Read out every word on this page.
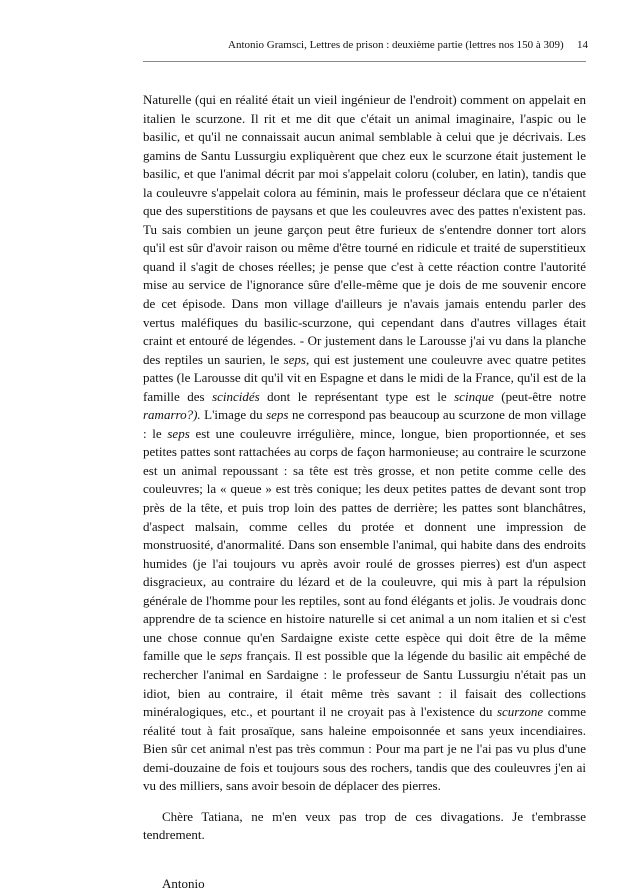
Antonio Gramsci, Lettres de prison : deuxième partie (lettres nos 150 à 309) 14

Naturelle (qui en réalité était un vieil ingénieur de l'endroit) comment on appelait en italien le scurzone. Il rit et me dit que c'était un animal imaginaire, l'aspic ou le basilic, et qu'il ne connaissait aucun animal semblable à celui que je décrivais. Les gamins de Santu Lussurgiu expliquèrent que chez eux le scurzone était justement le basilic, et que l'animal décrit par moi s'appelait coloru (coluber, en latin), tandis que la couleuvre s'appelait colora au féminin, mais le professeur déclara que ce n'étaient que des superstitions de paysans et que les couleuvres avec des pattes n'existent pas. Tu sais combien un jeune garçon peut être furieux de s'entendre donner tort alors qu'il est sûr d'avoir raison ou même d'être tourné en ridicule et traité de superstitieux quand il s'agit de choses réelles; je pense que c'est à cette réaction contre l'autorité mise au service de l'ignorance sûre d'elle-même que je dois de me souvenir encore de cet épisode. Dans mon village d'ailleurs je n'avais jamais entendu parler des vertus maléfiques du basilic-scurzone, qui cependant dans d'autres villages était craint et entouré de légendes. - Or justement dans le Larousse j'ai vu dans la planche des reptiles un saurien, le seps, qui est justement une couleuvre avec quatre petites pattes (le Larousse dit qu'il vit en Espagne et dans le midi de la France, qu'il est de la famille des scincidés dont le représentant type est le scinque (peut-être notre ramarro?). L'image du seps ne correspond pas beaucoup au scurzone de mon village : le seps est une couleuvre irrégulière, mince, longue, bien proportionnée, et ses petites pattes sont rattachées au corps de façon harmonieuse; au contraire le scurzone est un animal repoussant : sa tête est très grosse, et non petite comme celle des couleuvres; la « queue » est très conique; les deux petites pattes de devant sont trop près de la tête, et puis trop loin des pattes de derrière; les pattes sont blanchâtres, d'aspect malsain, comme celles du protée et donnent une impression de monstruosité, d'anormalité. Dans son ensemble l'animal, qui habite dans des endroits humides (je l'ai toujours vu après avoir roulé de grosses pierres) est d'un aspect disgracieux, au contraire du lézard et de la couleuvre, qui mis à part la répulsion générale de l'homme pour les reptiles, sont au fond élégants et jolis. Je voudrais donc apprendre de ta science en histoire naturelle si cet animal a un nom italien et si c'est une chose connue qu'en Sardaigne existe cette espèce qui doit être de la même famille que le seps français. Il est possible que la légende du basilic ait empêché de rechercher l'animal en Sardaigne : le professeur de Santu Lussurgiu n'était pas un idiot, bien au contraire, il était même très savant : il faisait des collections minéralogiques, etc., et pourtant il ne croyait pas à l'existence du scurzone comme réalité tout à fait prosaïque, sans haleine empoisonnée et sans yeux incendiaires. Bien sûr cet animal n'est pas très commun : Pour ma part je ne l'ai pas vu plus d'une demi-douzaine de fois et toujours sous des rochers, tandis que des couleuvres j'en ai vu des milliers, sans avoir besoin de déplacer des pierres.

Chère Tatiana, ne m'en veux pas trop de ces divagations. Je t'embrasse tendrement.

Antonio
